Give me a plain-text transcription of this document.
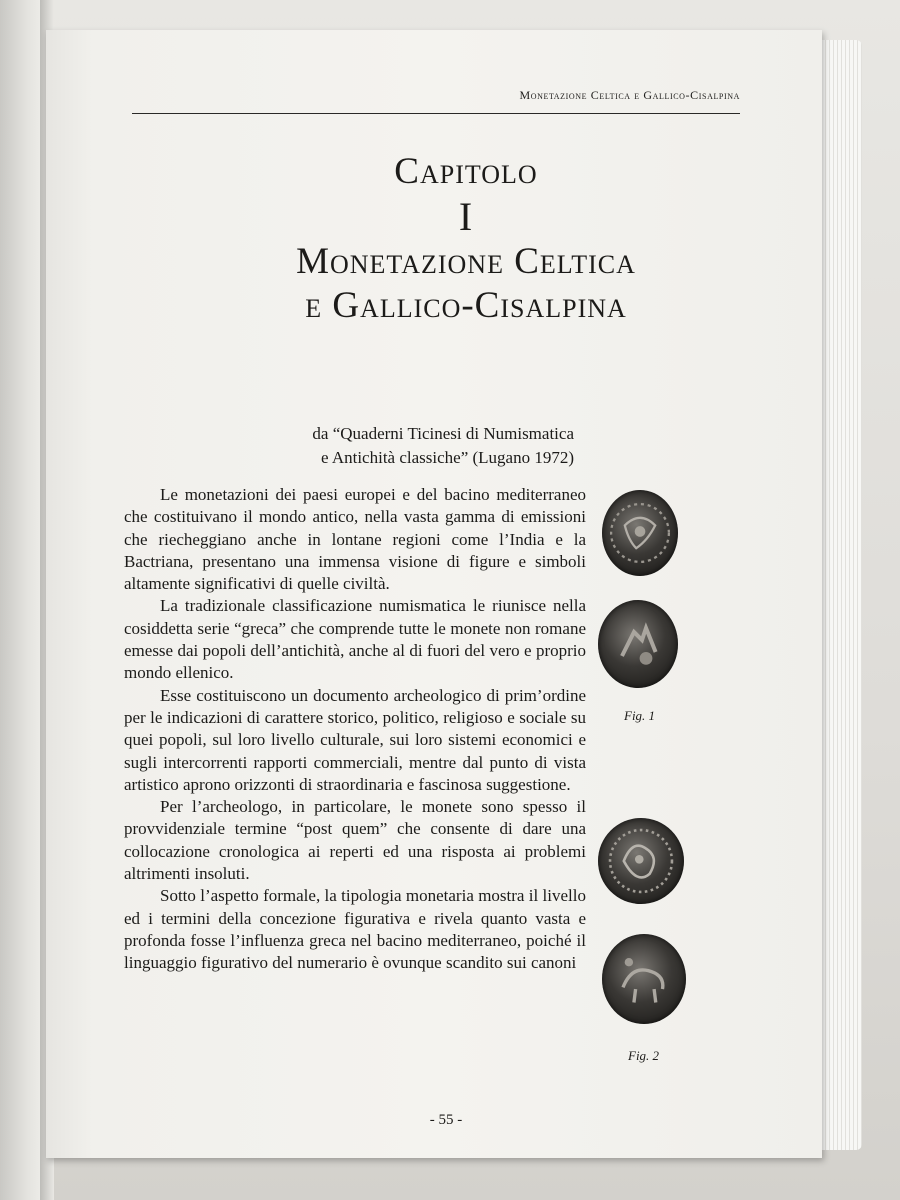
Monetazione Celtica e Gallico-Cisalpina
Capitolo
I
Monetazione Celtica
e Gallico-Cisalpina
da “Quaderni Ticinesi di Numismatica
e Antichità classiche” (Lugano 1972)

Le monetazioni dei paesi europei e del bacino mediterraneo che costituivano il mondo antico, nella vasta gamma di emissioni che riecheggiano anche in lontane regioni come l’India e la Bactriana, presentano una immensa visione di figure e simboli altamente significativi di quelle civiltà.

La tradizionale classificazione numismatica le riunisce nella cosiddetta serie “greca” che comprende tutte le monete non romane emesse dai popoli dell’antichità, anche al di fuori del vero e proprio mondo ellenico.

Esse costituiscono un documento archeologico di prim’ordine per le indicazioni di carattere storico, politico, religioso e sociale su quei popoli, sul loro livello culturale, sui loro sistemi economici e sugli intercorrenti rapporti commerciali, mentre dal punto di vista artistico aprono orizzonti di straordinaria e fascinosa suggestione.

Per l’archeologo, in particolare, le monete sono spesso il provvidenziale termine “post quem” che consente di dare una collocazione cronologica ai reperti ed una risposta ai problemi altrimenti insoluti.

Sotto l’aspetto formale, la tipologia monetaria mostra il livello ed i termini della concezione figurativa e rivela quanto vasta e profonda fosse l’influenza greca nel bacino mediterraneo, poiché il linguaggio figurativo del numerario è ovunque scandito sui canoni

Fig. 1
Fig. 2
- 55 -
